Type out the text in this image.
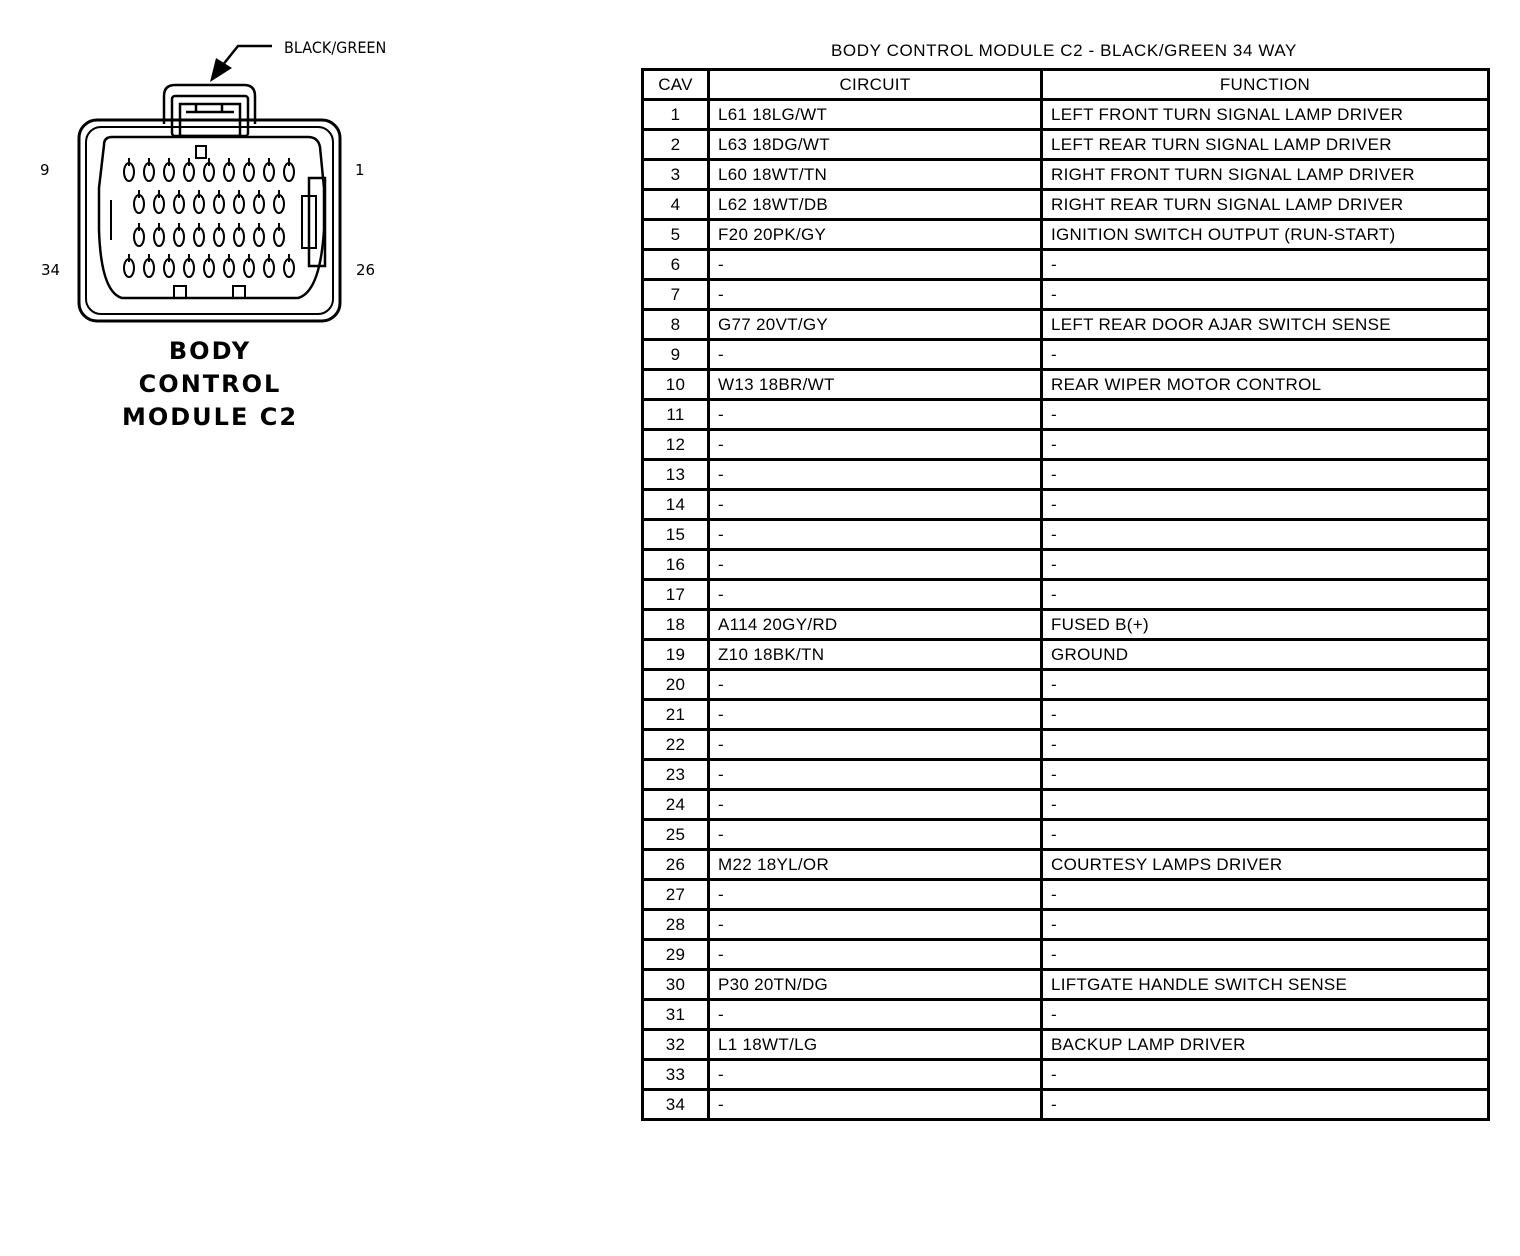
BLACK/GREEN
9	1
34	26
BODY
CONTROL
MODULE C2
BODY CONTROL MODULE C2 - BLACK/GREEN 34 WAY
CAV	CIRCUIT	FUNCTION
1	L61 18LG/WT	LEFT FRONT TURN SIGNAL LAMP DRIVER
2	L63 18DG/WT	LEFT REAR TURN SIGNAL LAMP DRIVER
3	L60 18WT/TN	RIGHT FRONT TURN SIGNAL LAMP DRIVER
4	L62 18WT/DB	RIGHT REAR TURN SIGNAL LAMP DRIVER
5	F20 20PK/GY	IGNITION SWITCH OUTPUT (RUN-START)
6	-	-
7	-	-
8	G77 20VT/GY	LEFT REAR DOOR AJAR SWITCH SENSE
9	-	-
10	W13 18BR/WT	REAR WIPER MOTOR CONTROL
11	-	-
12	-	-
13	-	-
14	-	-
15	-	-
16	-	-
17	-	-
18	A114 20GY/RD	FUSED B(+)
19	Z10 18BK/TN	GROUND
20	-	-
21	-	-
22	-	-
23	-	-
24	-	-
25	-	-
26	M22 18YL/OR	COURTESY LAMPS DRIVER
27	-	-
28	-	-
29	-	-
30	P30 20TN/DG	LIFTGATE HANDLE SWITCH SENSE
31	-	-
32	L1 18WT/LG	BACKUP LAMP DRIVER
33	-	-
34	-	-
